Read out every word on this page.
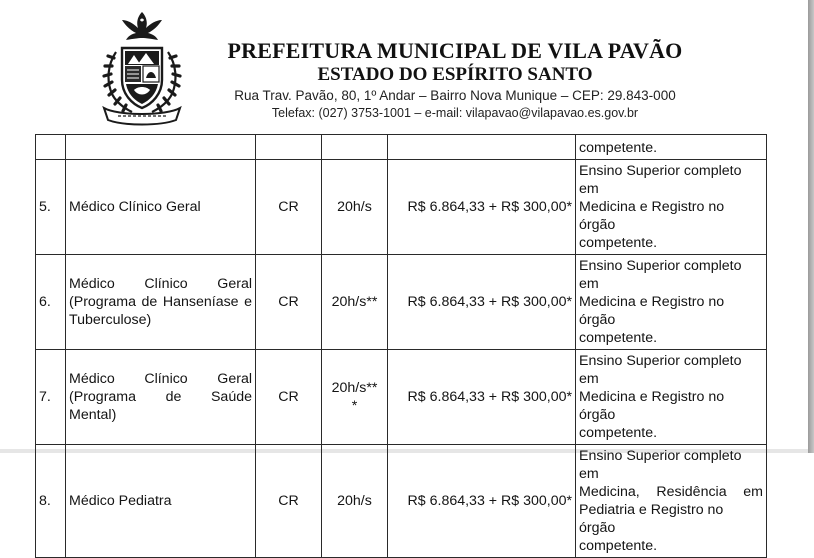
PREFEITURA MUNICIPAL DE VILA PAVÃO
ESTADO DO ESPÍRITO SANTO
Rua Trav. Pavão, 80, 1º Andar – Bairro Nova Munique – CEP: 29.843-000
Telefax: (027) 3753-1001 – e-mail: vilapavao@vilapavao.es.gov.br
					competente.
5.	Médico Clínico Geral	CR	20h/s	R$ 6.864,33 + R$ 300,00*	Ensino Superior completo em
Medicina e Registro no órgão
competente.

6.	Médico Clínico Geral
(Programa de Hanseníase e
Tuberculose)	CR	20h/s**	R$ 6.864,33 + R$ 300,00*	Ensino Superior completo em
Medicina e Registro no órgão
competente.

7.	Médico Clínico Geral
(Programa de Saúde
Mental)	CR	20h/s**
*	R$ 6.864,33 + R$ 300,00*	Ensino Superior completo em
Medicina e Registro no órgão
competente.

8.	Médico Pediatra	CR	20h/s	R$ 6.864,33 + R$ 300,00*	Ensino Superior completo em
Medicina, Residência em
Pediatria e Registro no órgão
competente.
